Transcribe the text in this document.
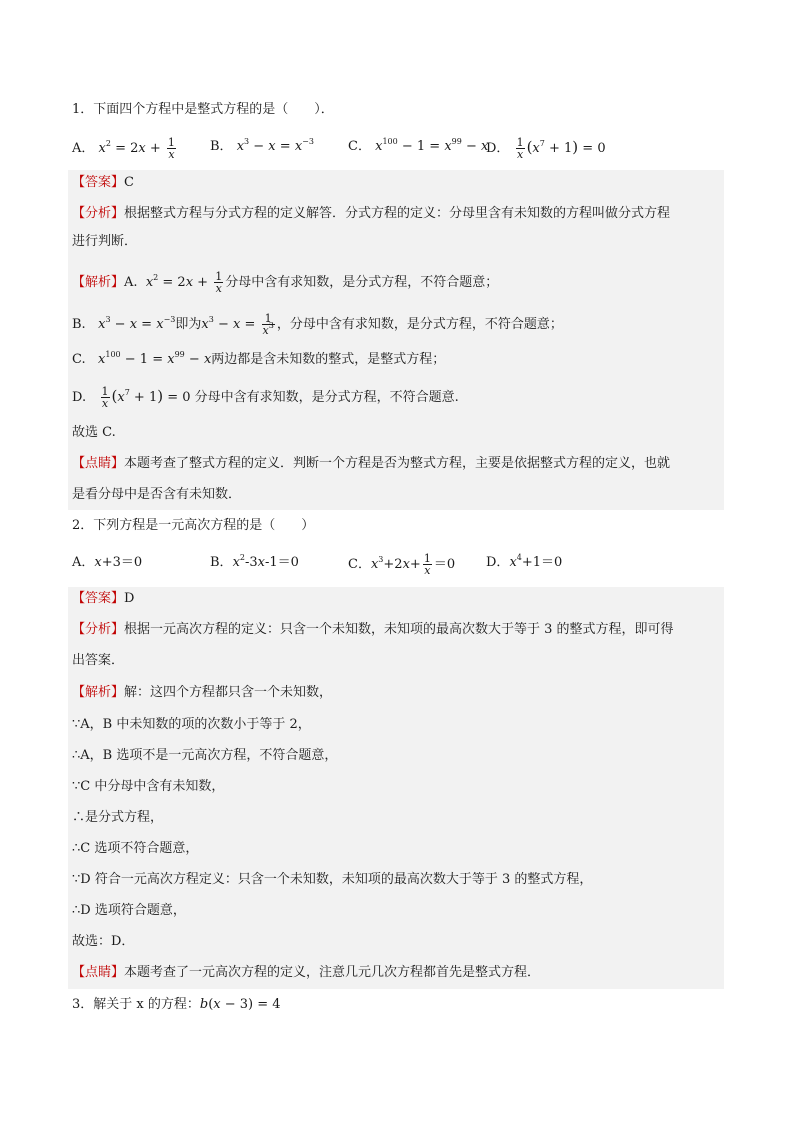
1．下面四个方程中是整式方程的是（　　）．
A． $x^2 = 2x + \frac{1}{x}$	B． $x^3 - x = x^{-3}$	C． $x^{100} - 1 = x^{99} - x$
D． $\frac{1}{x} (x^7 + 1) = 0$
【答案】C
【分析】根据整式方程与分式方程的定义解答．分式方程的定义：分母里含有未知数的方程叫做分式方程
进行判断．
【解析】A.  $x^2 = 2x + \frac{1}{x}$ 分母中含有求知数，是分式方程，不符合题意；
B.   $x^3 - x = x^{-3}$即为$x^3 - x = \frac{1}{x^3}$ ，分母中含有求知数，是分式方程，不符合题意；
C.   $x^{100} - 1 = x^{99} - x$两边都是含未知数的整式，是整式方程；
D. $\frac{1}{x} (x^7 + 1) = 0$ 分母中含有求知数，是分式方程，不符合题意.
故选 C.
【点睛】本题考查了整式方程的定义．判断一个方程是否为整式方程，主要是依据整式方程的定义，也就
是看分母中是否含有未知数．
2．下列方程是一元高次方程的是（　　）
A．x+3＝0	B．$x^2-3x-1=0$	C．$x^3+2x+ \frac{1}{x} =0$ D．$x^4+1=0$
【答案】D
【分析】根据一元高次方程的定义：只含一个未知数，未知项的最高次数大于等于 3 的整式方程，即可得
出答案．
【解析】解：这四个方程都只含一个未知数，
∵A，B 中未知数的项的次数小于等于 2，
∴A，B 选项不是一元高次方程，不符合题意，
∵C 中分母中含有未知数，
∴是分式方程，
∴C 选项不符合题意，
∵D 符合一元高次方程定义：只含一个未知数，未知项的最高次数大于等于 3 的整式方程，
∴D 选项符合题意，
故选：D．
【点睛】本题考查了一元高次方程的定义，注意几元几次方程都首先是整式方程．
3．解关于 x 的方程：b(x − 3) = 4
